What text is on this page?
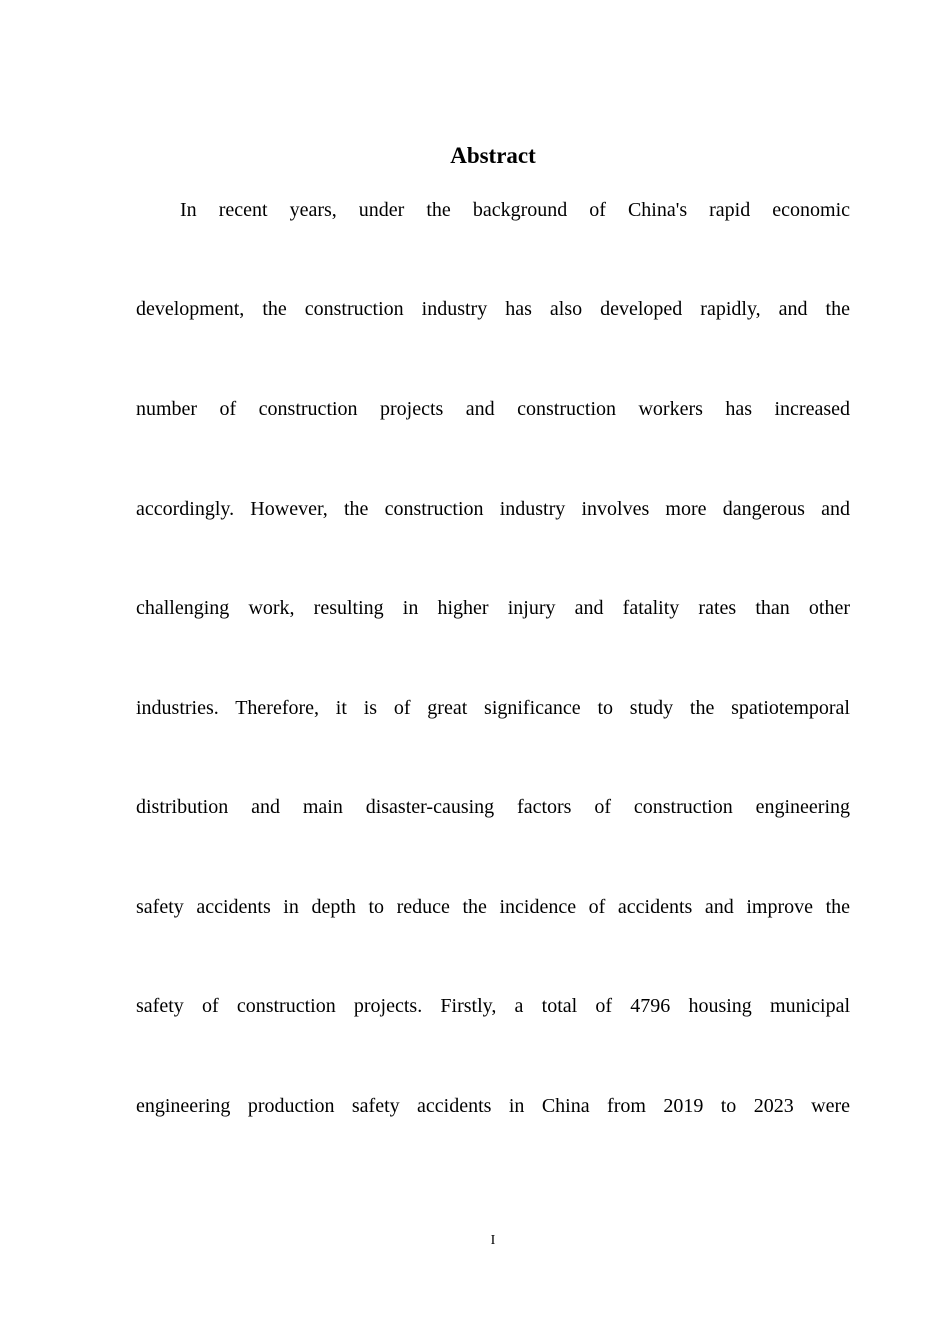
Abstract

In recent years, under the background of China's rapid economic

development, the construction industry has also developed rapidly, and the

number of construction projects and construction workers has increased

accordingly. However, the construction industry involves more dangerous and

challenging work, resulting in higher injury and fatality rates than other

industries. Therefore, it is of great significance to study the spatiotemporal

distribution and main disaster-causing factors of construction engineering

safety accidents in depth to reduce the incidence of accidents and improve the

safety of construction projects. Firstly, a total of 4796 housing municipal

engineering production safety accidents in China from 2019 to 2023 were

I
